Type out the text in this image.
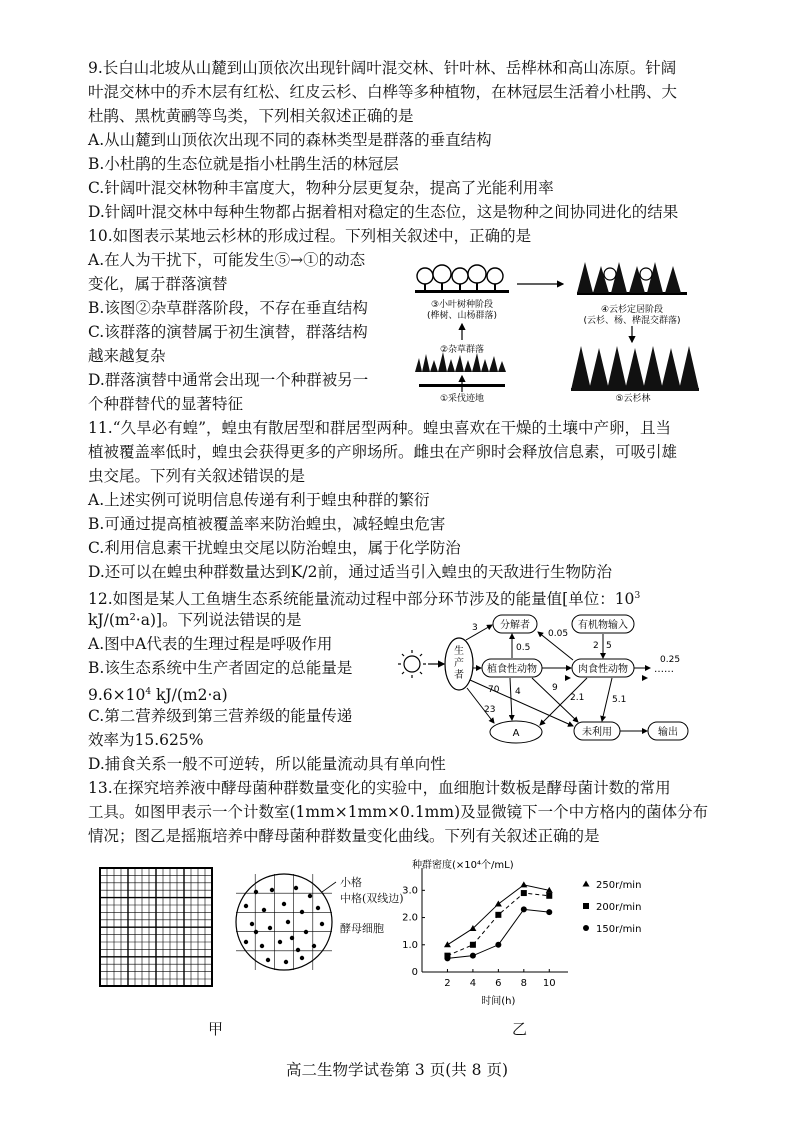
9.长白山北坡从山麓到山顶依次出现针阔叶混交林、针叶林、岳桦林和高山冻原。针阔
叶混交林中的乔木层有红松、红皮云杉、白桦等多种植物，在林冠层生活着小杜鹃、大
杜鹃、黑枕黄鹂等鸟类，下列相关叙述正确的是
A.从山麓到山顶依次出现不同的森林类型是群落的垂直结构
B.小杜鹃的生态位就是指小杜鹃生活的林冠层
C.针阔叶混交林物种丰富度大，物种分层更复杂，提高了光能利用率
D.针阔叶混交林中每种生物都占据着相对稳定的生态位，这是物种之间协同进化的结果
10.如图表示某地云杉林的形成过程。下列相关叙述中，正确的是
A.在人为干扰下，可能发生⑤→①的动态
变化，属于群落演替
B.该图②杂草群落阶段，不存在垂直结构
C.该群落的演替属于初生演替，群落结构
越来越复杂
D.群落演替中通常会出现一个种群被另一
个种群替代的显著特征
③小叶树种阶段
(桦树、山杨群落)
④云杉定居阶段
(云杉、杨、桦混交群落)
②杂草群落
①采伐迹地	⑤云杉林
11.“久旱必有蝗”，蝗虫有散居型和群居型两种。蝗虫喜欢在干燥的土壤中产卵，且当
植被覆盖率低时，蝗虫会获得更多的产卵场所。雌虫在产卵时会释放信息素，可吸引雄
虫交尾。下列有关叙述错误的是
A.上述实例可说明信息传递有利于蝗虫种群的繁衍
B.可通过提高植被覆盖率来防治蝗虫，减轻蝗虫危害
C.利用信息素干扰蝗虫交尾以防治蝗虫，属于化学防治
D.还可以在蝗虫种群数量达到K/2前，通过适当引入蝗虫的天敌进行生物防治
12.如图是某人工鱼塘生态系统能量流动过程中部分环节涉及的能量值[单位：$10^3$
kJ/(m²·a)]。下列说法错误的是
A.图中A代表的生理过程是呼吸作用
B.该生态系统中生产者固定的总能量是
$9.6\times 10^4$ kJ/(m2·a)
C.第二营养级到第三营养级的能量传递
效率为15.625%
D.捕食关系一般不可逆转，所以能量流动具有单向性
生
产
者
分解者	有机物输入
植食性动物	肉食性动物	……
A	未利用	输出
3
0.5
0.05
2 5
0.25
4	9
70
23
2.1	5.1
13.在探究培养液中酵母菌种群数量变化的实验中，血细胞计数板是酵母菌计数的常用
工具。如图甲表示一个计数室(1mm×1mm×0.1mm)及显微镜下一个中方格内的菌体分布
情况；图乙是摇瓶培养中酵母菌种群数量变化曲线。下列有关叙述正确的是
小格
中格(双线边)
酵母细胞
甲	乙
种群密度(×10⁴个/mL)
时间(h)
0
1.0
2.0
3.0
2 4 6 8 10
250r/min
200r/min
150r/min
高二生物学试卷第 3 页(共 8 页)
